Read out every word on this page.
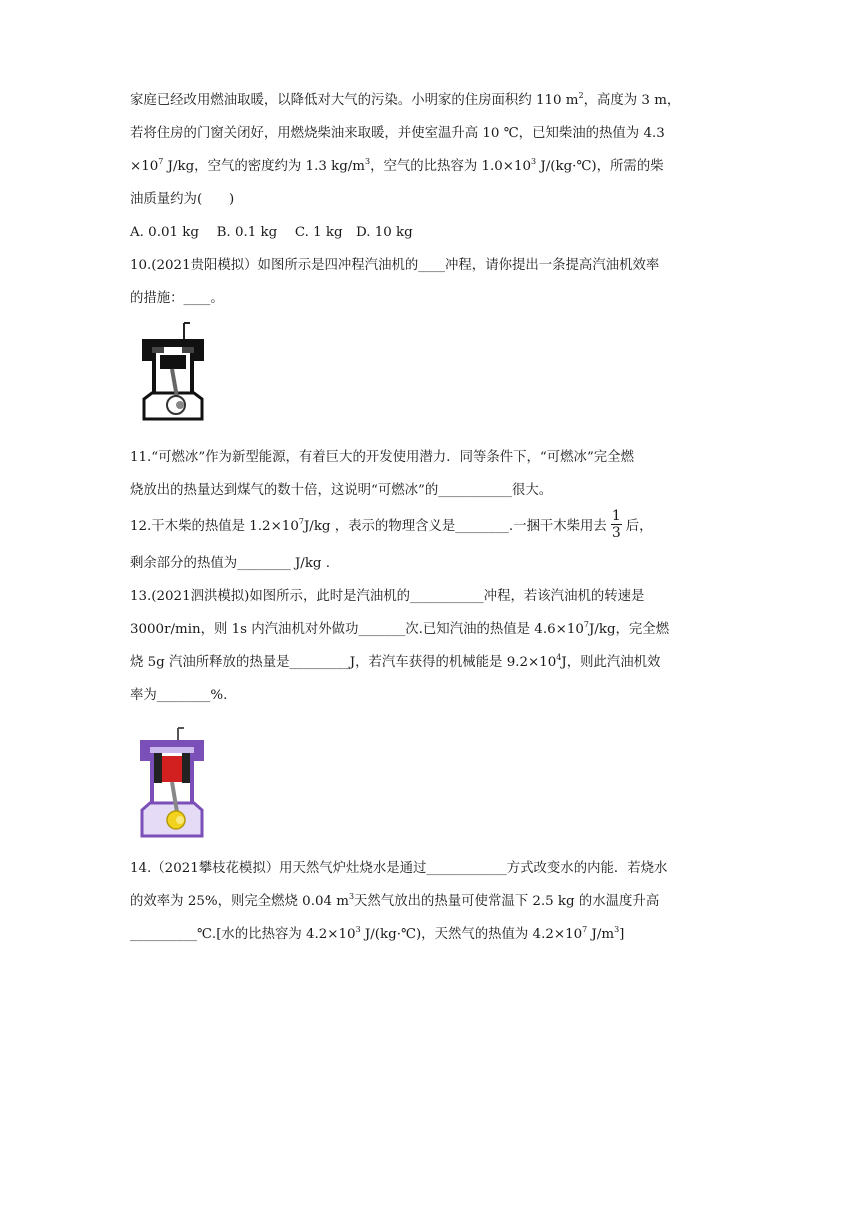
家庭已经改用燃油取暖，以降低对大气的污染。小明家的住房面积约 110 $m^2$，高度为 3 m，
若将住房的门窗关闭好，用燃烧柴油来取暖，并使室温升高 10 ℃，已知柴油的热值为 4.3
$\times 10^7$ J/kg，空气的密度约为 1.3 $kg/m^3$，空气的比热容为 $1.0\times 10^3$ J/(kg·℃)，所需的柴
油质量约为(　　)
A. 0.01 kg　 B. 0.1 kg　 C. 1 kg　D. 10 kg
10.(2021贵阳模拟）如图所示是四冲程汽油机的____冲程，请你提出一条提高汽油机效率
的措施：____。
11.“可燃冰”作为新型能源，有着巨大的开发使用潜力．同等条件下，“可燃冰”完全燃
烧放出的热量达到煤气的数十倍，这说明“可燃冰”的___________很大。
12.干木柴的热值是 $1.2\times 10^7J/kg$ ，表示的物理含义是________.一捆干木柴用去 $\frac{1}{3}$ 后，
剩余部分的热值为________ J/kg .
13.(2021泗洪模拟)如图所示，此时是汽油机的___________冲程，若该汽油机的转速是
3000r/min，则 1s 内汽油机对外做功_______次.已知汽油的热值是 $4.6\times 10^7J/kg$，完全燃
烧 5g 汽油所释放的热量是_________J，若汽车获得的机械能是 $9.2\times 10^4J$，则此汽油机效
率为________%.
14.（2021攀枝花模拟）用天然气炉灶烧水是通过____________方式改变水的内能．若烧水
的效率为 25%，则完全燃烧 0.04 $m^3$天然气放出的热量可使常温下 2.5 kg 的水温度升高
__________℃.[水的比热容为 $4.2\times 10^3$ J/(kg·℃)，天然气的热值为 $4.2\times 10^7$ $J/m^3$]
